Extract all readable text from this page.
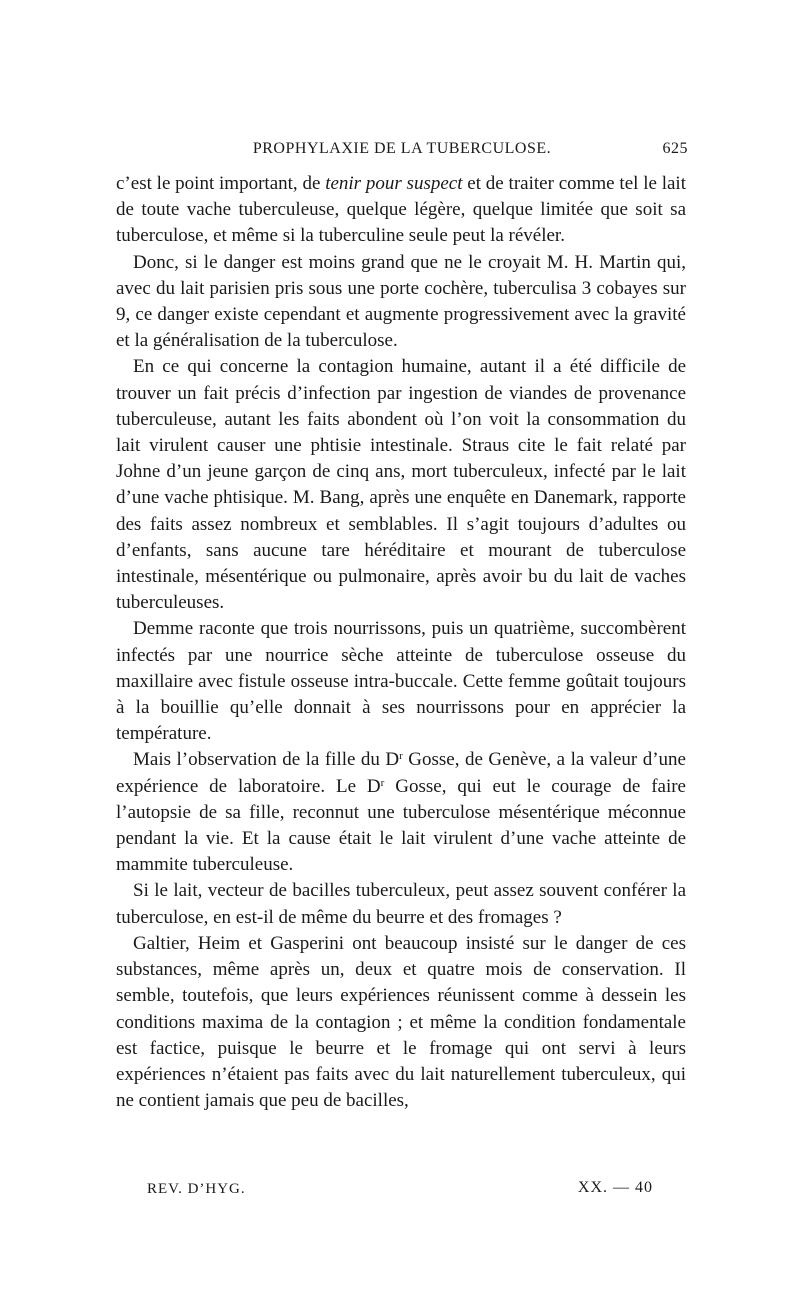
PROPHYLAXIE DE LA TUBERCULOSE.	625

c’est le point important, de tenir pour suspect et de traiter comme tel le lait de toute vache tuberculeuse, quelque légère, quelque limitée que soit sa tuberculose, et même si la tuberculine seule peut la révéler.

Donc, si le danger est moins grand que ne le croyait M. H. Martin qui, avec du lait parisien pris sous une porte cochère, tuberculisa 3 cobayes sur 9, ce danger existe cependant et augmente progressivement avec la gravité et la généralisation de la tuberculose.

En ce qui concerne la contagion humaine, autant il a été difficile de trouver un fait précis d’infection par ingestion de viandes de provenance tuberculeuse, autant les faits abondent où l’on voit la consommation du lait virulent causer une phtisie intestinale. Straus cite le fait relaté par Johne d’un jeune garçon de cinq ans, mort tuberculeux, infecté par le lait d’une vache phtisique. M. Bang, après une enquête en Danemark, rapporte des faits assez nombreux et semblables. Il s’agit toujours d’adultes ou d’enfants, sans aucune tare héréditaire et mourant de tuberculose intestinale, mésentérique ou pulmonaire, après avoir bu du lait de vaches tuberculeuses.

Demme raconte que trois nourrissons, puis un quatrième, succombèrent infectés par une nourrice sèche atteinte de tuberculose osseuse du maxillaire avec fistule osseuse intra-buccale. Cette femme goûtait toujours à la bouillie qu’elle donnait à ses nourrissons pour en apprécier la température.

Mais l’observation de la fille du $D^r$ Gosse, de Genève, a la valeur d’une expérience de laboratoire. Le $D^r$ Gosse, qui eut le courage de faire l’autopsie de sa fille, reconnut une tuberculose mésentérique méconnue pendant la vie. Et la cause était le lait virulent d’une vache atteinte de mammite tuberculeuse.

Si le lait, vecteur de bacilles tuberculeux, peut assez souvent conférer la tuberculose, en est-il de même du beurre et des fromages ?

Galtier, Heim et Gasperini ont beaucoup insisté sur le danger de ces substances, même après un, deux et quatre mois de conservation. Il semble, toutefois, que leurs expériences réunissent comme à dessein les conditions maxima de la contagion ; et même la condition fondamentale est factice, puisque le beurre et le fromage qui ont servi à leurs expériences n’étaient pas faits avec du lait naturellement tuberculeux, qui ne contient jamais que peu de bacilles,

REV. D’HYG.	XX. — 40
